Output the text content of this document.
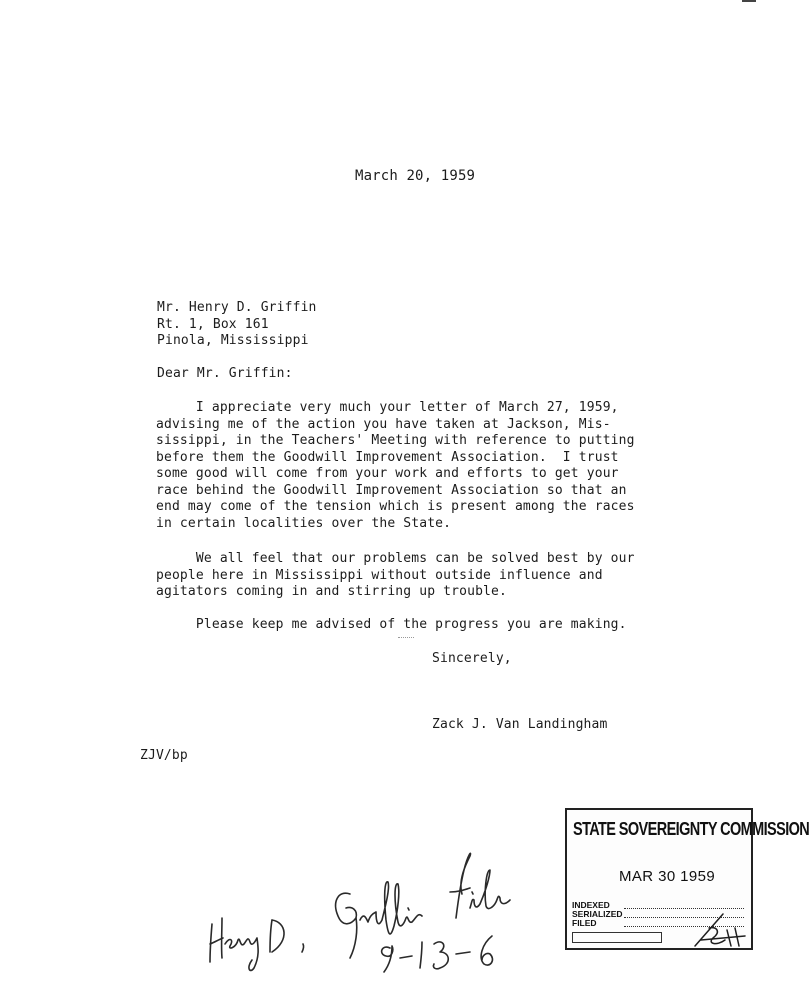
March 20, 1959
Mr. Henry D. Griffin
Rt. 1, Box 161
Pinola, Mississippi
Dear Mr. Griffin:
I appreciate very much your letter of March 27, 1959,
advising me of the action you have taken at Jackson, Mis-
sissippi, in the Teachers' Meeting with reference to putting
before them the Goodwill Improvement Association.  I trust
some good will come from your work and efforts to get your
race behind the Goodwill Improvement Association so that an
end may come of the tension which is present among the races
in certain localities over the State.
We all feel that our problems can be solved best by our
people here in Mississippi without outside influence and
agitators coming in and stirring up trouble.
Please keep me advised of the progress you are making.
Sincerely,
Zack J. Van Landingham
ZJV/bp
STATE SOVEREIGNTY COMMISSION
MAR 30 1959
INDEXED
SERIALIZED
FILED
